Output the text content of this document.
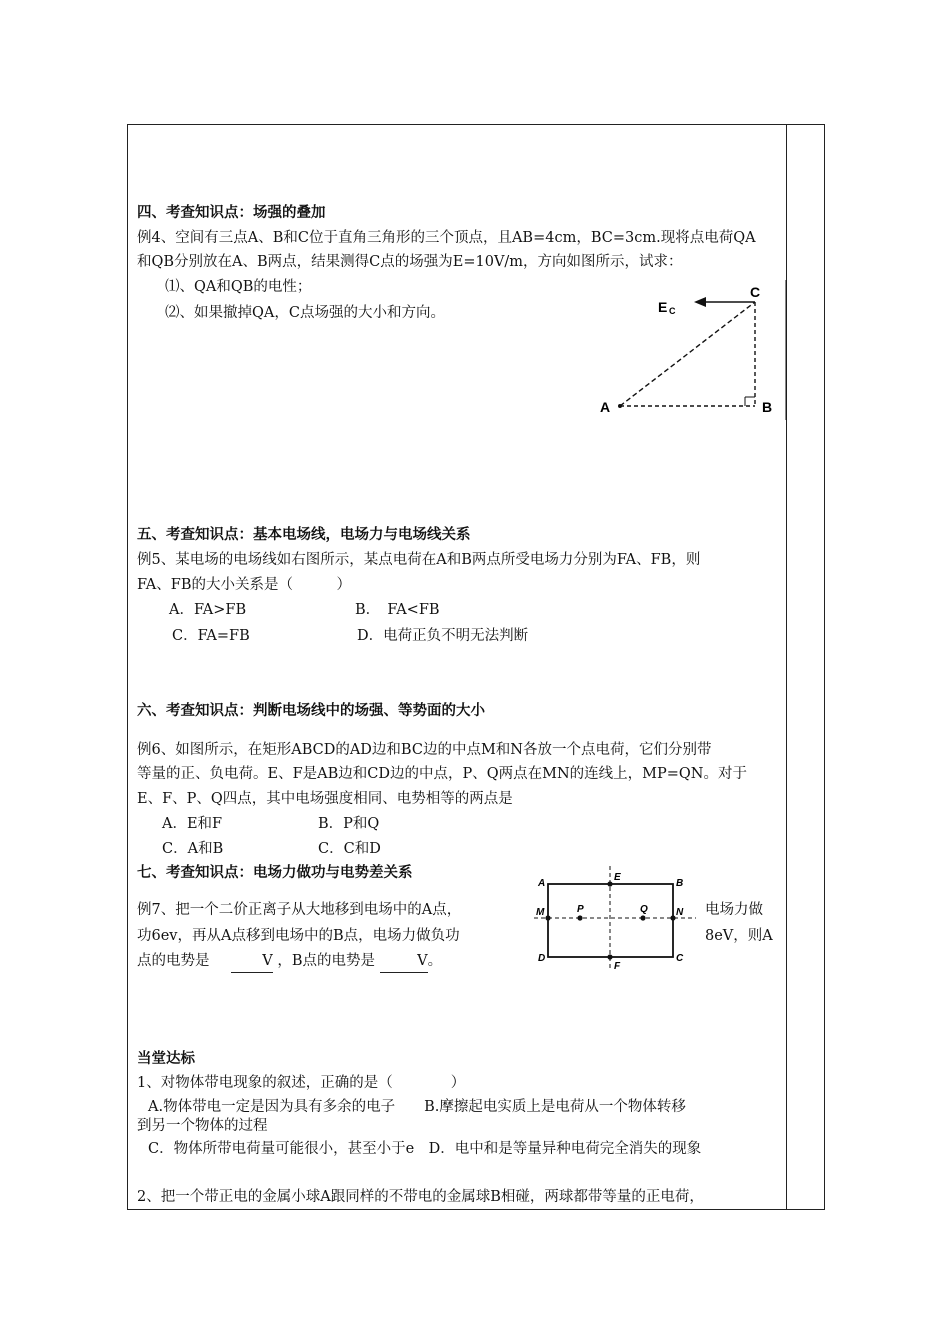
四、考查知识点：场强的叠加
例4、空间有三点A、B和C位于直角三角形的三个顶点，且AB=4cm，BC=3cm.现将点电荷QA
和QB分别放在A、B两点，结果测得C点的场强为E=10V/m，方向如图所示，试求：
⑴、QA和QB的电性；
⑵、如果撤掉QA，C点场强的大小和方向。
C
A	B
E C
五、考查知识点：基本电场线，电场力与电场线关系
例5、某电场的电场线如右图所示，某点电荷在A和B两点所受电场力分别为FA、FB，则
FA、FB的大小关系是（　　　）
A．FA>FB	B．　FA<FB
C．FA=FB	D．电荷正负不明无法判断
六、考查知识点：判断电场线中的场强、等势面的大小
例6、如图所示，在矩形ABCD的AD边和BC边的中点M和N各放一个点电荷，它们分别带
等量的正、负电荷。E、F是AB边和CD边的中点，P、Q两点在MN的连线上，MP=QN。对于
E、F、P、Q四点，其中电场强度相同、电势相等的两点是
A．E和F	B．P和Q
C．A和B	C．C和D
七、考查知识点：电场力做功与电势差关系
例7、把一个二价正离子从大地移到电场中的A点，	电场力做
功6ev，再从A点移到电场中的B点，电场力做负功	8eV，则A
点的电势是	V ，B点的电势是	V。
A	B
C
D
E
F
M	N
P	Q
当堂达标
1、对物体带电现象的叙述，正确的是（　　　　）
A.物体带电一定是因为具有多余的电子　　B.摩擦起电实质上是电荷从一个物体转移
到另一个物体的过程
C．物体所带电荷量可能很小，甚至小于e　D．电中和是等量异种电荷完全消失的现象
2、把一个带正电的金属小球A跟同样的不带电的金属球B相碰，两球都带等量的正电荷，
